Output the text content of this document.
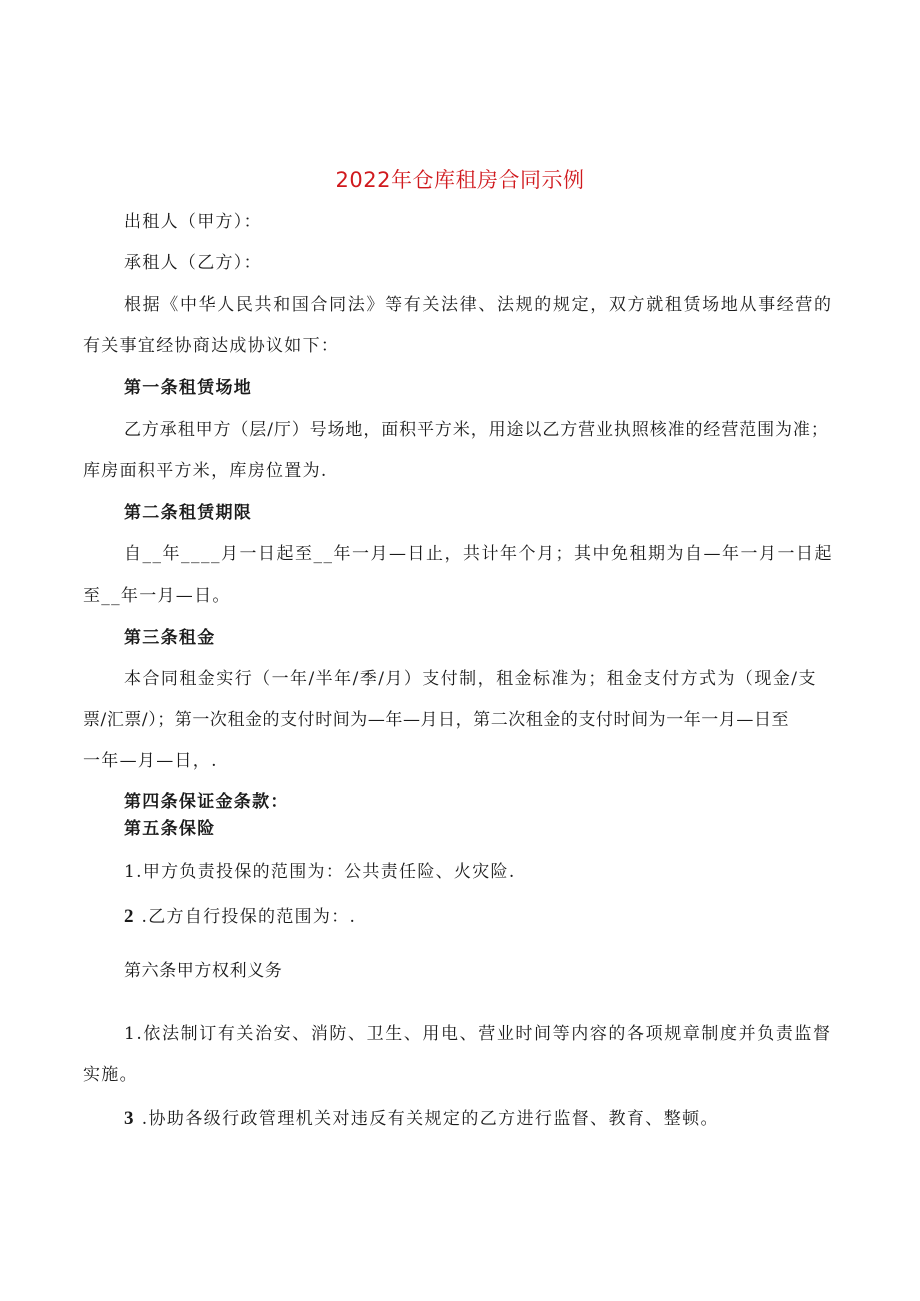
2022年仓库租房合同示例
出租人（甲方）：
承租人（乙方）：
根据《中华人民共和国合同法》等有关法律、法规的规定，双方就租赁场地从事经营的
有关事宜经协商达成协议如下：
第一条租赁场地
乙方承租甲方（层/厅）号场地，面积平方米，用途以乙方营业执照核准的经营范围为准；
库房面积平方米，库房位置为.
第二条租赁期限
自__年____月一日起至__年一月—日止，共计年个月；其中免租期为自—年一月一日起
至__年一月—日。
第三条租金
本合同租金实行（一年/半年/季/月）支付制，租金标准为；租金支付方式为（现金/支
票/汇票/）；第一次租金的支付时间为—年—月日，第二次租金的支付时间为一年一月—日至
一年—月—日，.
第四条保证金条款：
第五条保险
1.甲方负责投保的范围为：公共责任险、火灾险.
2 .乙方自行投保的范围为：.
第六条甲方权利义务
1.依法制订有关治安、消防、卫生、用电、营业时间等内容的各项规章制度并负责监督
实施。
3 .协助各级行政管理机关对违反有关规定的乙方进行监督、教育、整顿。
